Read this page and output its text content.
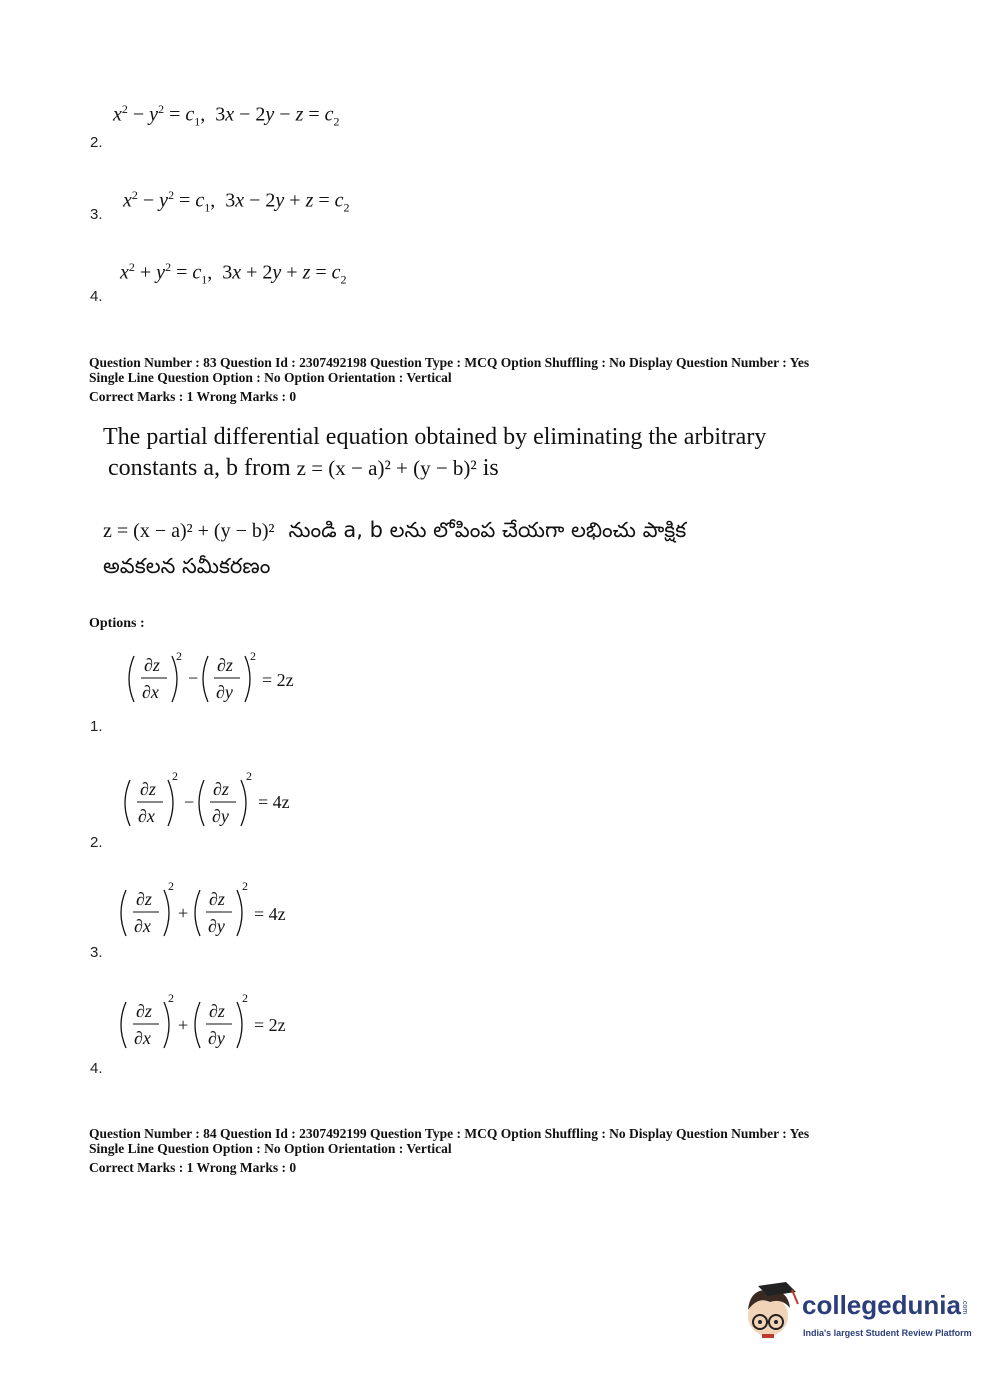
$x^2 - y^2 = c_1$,  $3x - 2y - z = c_2$
2.
$x^2 - y^2 = c_1$,  $3x - 2y + z = c_2$
3.
$x^2 + y^2 = c_1$,  $3x + 2y + z = c_2$
4.
Question Number : 83 Question Id : 2307492198 Question Type : MCQ Option Shuffling : No Display Question Number : Yes
Single Line Question Option : No Option Orientation : Vertical
Correct Marks : 1 Wrong Marks : 0
The partial differential equation obtained by eliminating the arbitrary
constants a, b from z = (x − a)² + (y − b)² is
z = (x − a)² + (y − b)² నుండి a, b లను లోపింప చేయగా లభించు పాక్షిక
అవకలన సమీకరణం
Options :
∂z
∂x
2
−
∂z
∂y
2
= 2z
1.
∂z
∂x
2
−
∂z
∂y
2
= 4z
2.
∂z
∂x
2
+
∂z
∂y
2
= 4z
3.
∂z
∂x
2
+
∂z
∂y
2
= 2z
4.
Question Number : 84 Question Id : 2307492199 Question Type : MCQ Option Shuffling : No Display Question Number : Yes
Single Line Question Option : No Option Orientation : Vertical
Correct Marks : 1 Wrong Marks : 0
collegedunia.com
India's largest Student Review Platform
